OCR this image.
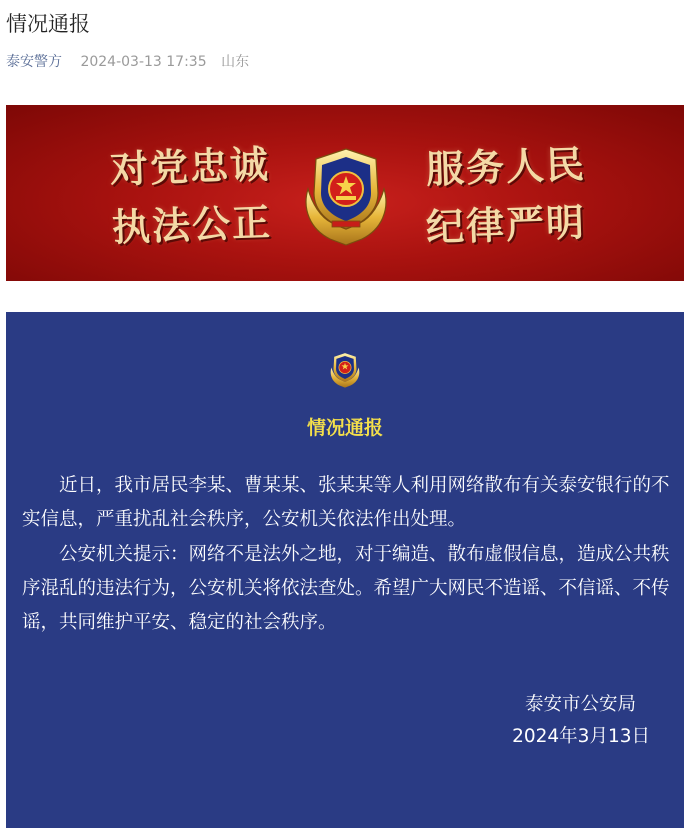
情况通报
泰安警方 2024-03-13 17:35 山东
对党忠诚
执法公正
服务人民
纪律严明
情况通报

近日，我市居民李某、曹某某、张某某等人利用网络散布有关泰安银行的不实信息，严重扰乱社会秩序，公安机关依法作出处理。

公安机关提示：网络不是法外之地，对于编造、散布虚假信息，造成公共秩序混乱的违法行为，公安机关将依法查处。希望广大网民不造谣、不信谣、不传谣，共同维护平安、稳定的社会秩序。

泰安市公安局
2024年3月13日
